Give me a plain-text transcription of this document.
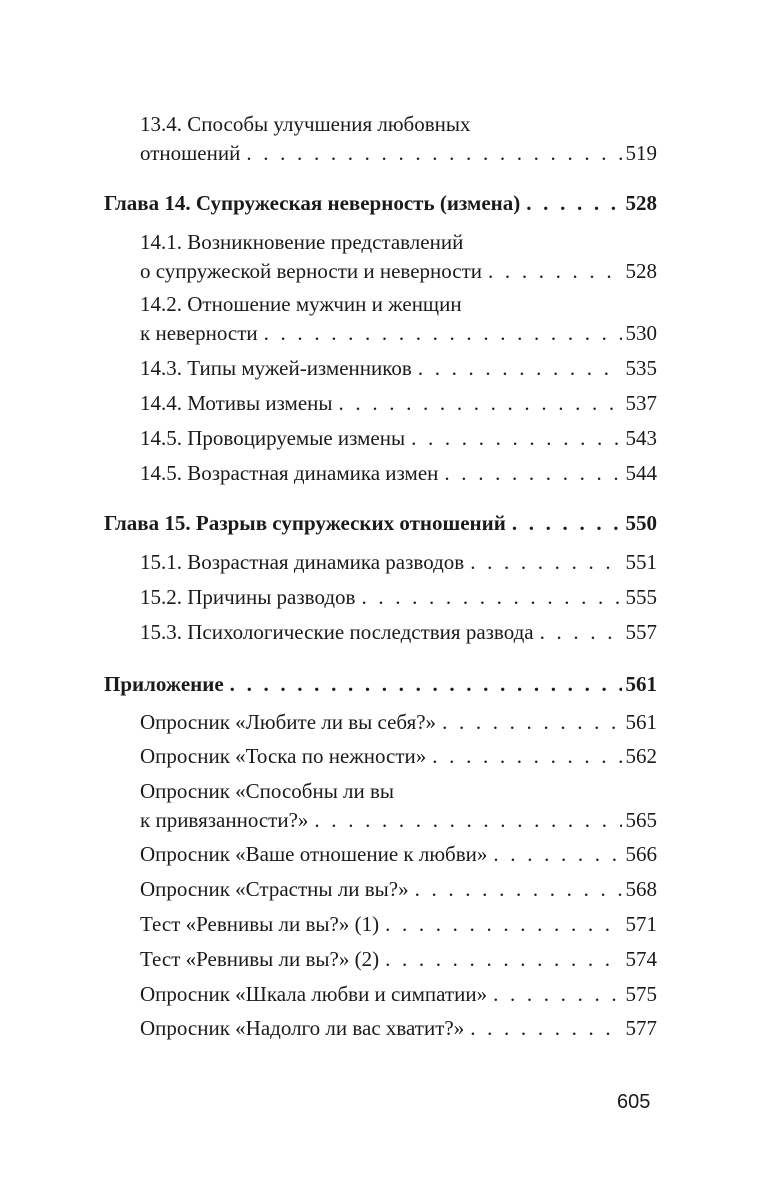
13.4. Способы улучшения любовных
отношений . . .	519
Глава 14. Супружеская неверность (измена) . . .	528
14.1. Возникновение представлений
о супружеской верности и неверности . . .	528
14.2. Отношение мужчин и женщин
к неверности . . .	530
14.3. Типы мужей-изменников . . .	535
14.4. Мотивы измены . . .	537
14.5. Провоцируемые измены . . .	543
14.5. Возрастная динамика измен . . .	544
Глава 15. Разрыв супружеских отношений . . .	550
15.1. Возрастная динамика разводов . . .	551
15.2. Причины разводов . . .	555
15.3. Психологические последствия развода . . .	557
Приложение . . .	561
Опросник «Любите ли вы себя?» . . .	561
Опросник «Тоска по нежности» . . .	562
Опросник «Способны ли вы
к привязанности?» . . .	565
Опросник «Ваше отношение к любви» . . .	566
Опросник «Страстны ли вы?» . . .	568
Тест «Ревнивы ли вы?» (1) . . .	571
Тест «Ревнивы ли вы?» (2) . . .	574
Опросник «Шкала любви и симпатии» . . .	575
Опросник «Надолго ли вас хватит?» . . .	577
605
